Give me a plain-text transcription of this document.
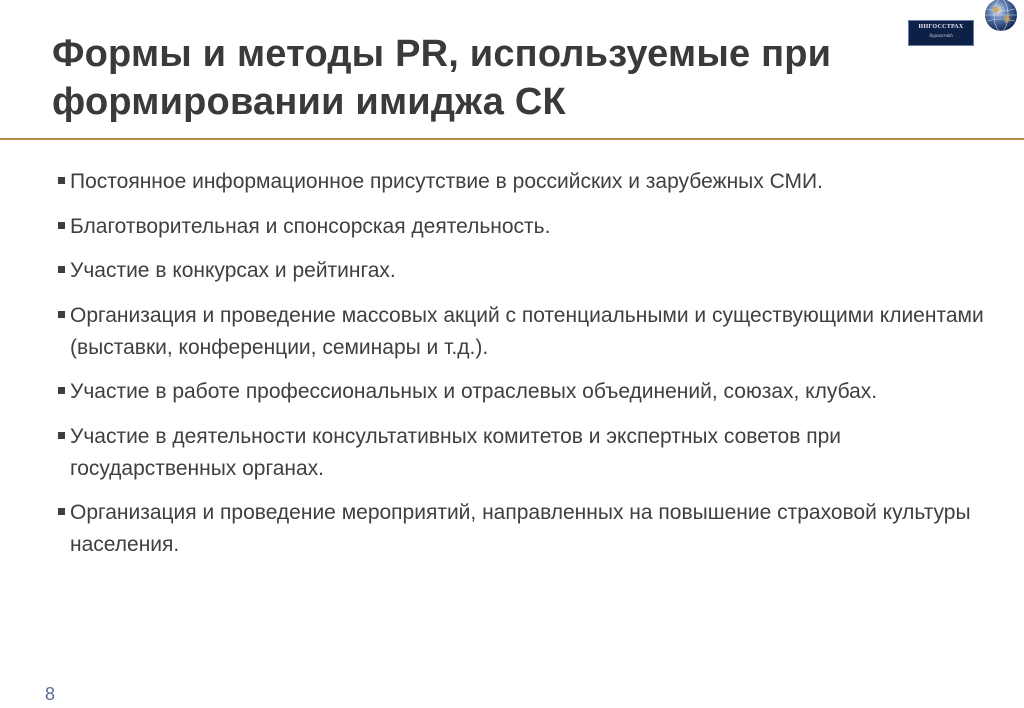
Формы и методы PR, используемые при формировании имиджа СК
ИНГОССТРАХ
Ingosstrakh
Постоянное информационное присутствие в российских и зарубежных СМИ.
Благотворительная и спонсорская деятельность.
Участие в конкурсах и рейтингах.
Организация и проведение массовых акций с потенциальными и существующими клиентами (выставки, конференции, семинары и т.д.).
Участие в работе профессиональных и отраслевых объединений, союзах, клубах.
Участие в деятельности консультативных комитетов и экспертных советов при государственных органах.
Организация и проведение мероприятий, направленных на повышение страховой культуры населения.
8
